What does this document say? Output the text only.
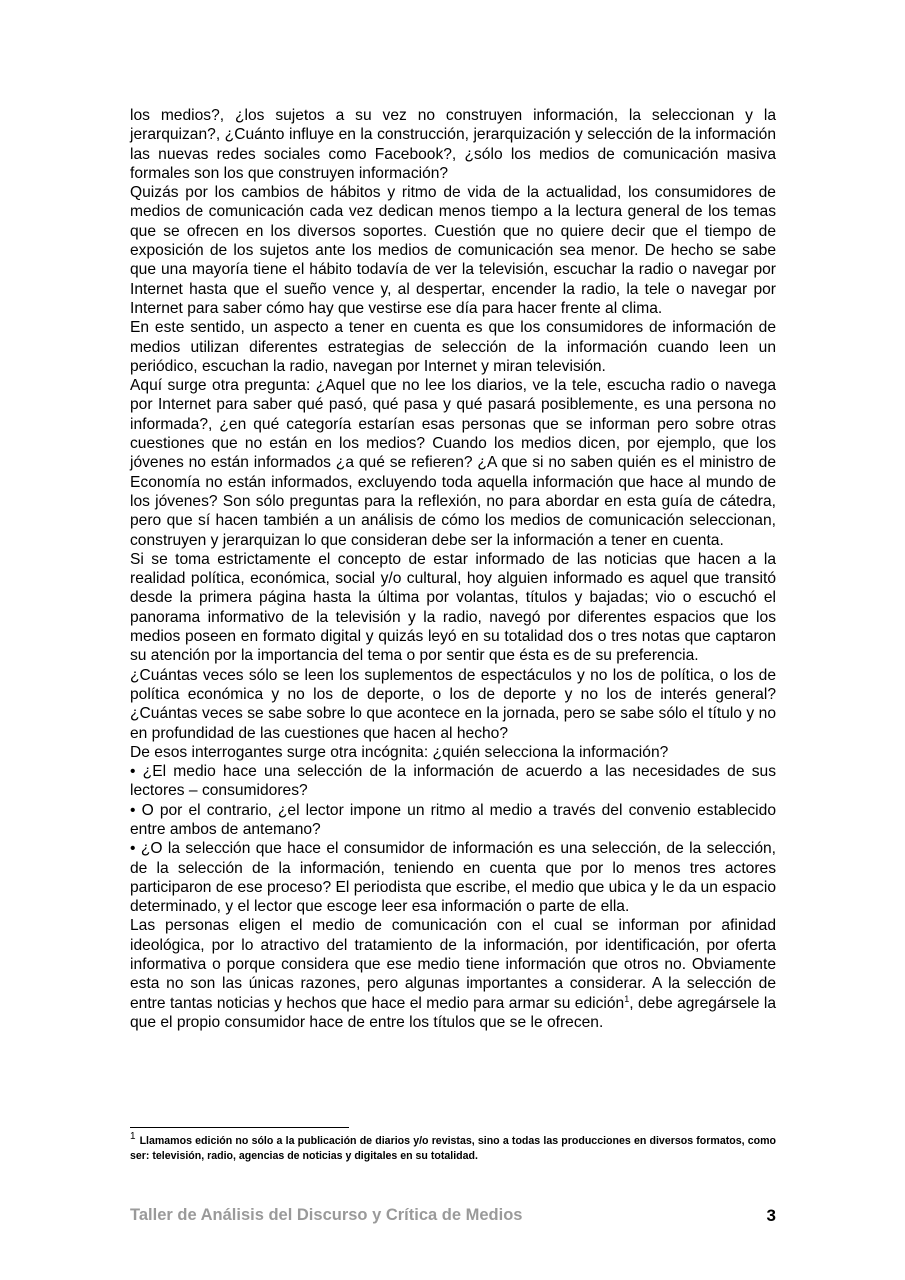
los medios?, ¿los sujetos a su vez no construyen información, la seleccionan y la jerarquizan?, ¿Cuánto influye en la construcción, jerarquización y selección de la información las nuevas redes sociales como Facebook?, ¿sólo los medios de comunicación masiva formales son los que construyen información?

Quizás por los cambios de hábitos y ritmo de vida de la actualidad, los consumidores de medios de comunicación cada vez dedican menos tiempo a la lectura general de los temas que se ofrecen en los diversos soportes. Cuestión que no quiere decir que el tiempo de exposición de los sujetos ante los medios de comunicación sea menor. De hecho se sabe que una mayoría tiene el hábito todavía de ver la televisión, escuchar la radio o navegar por Internet hasta que el sueño vence y, al despertar, encender la radio, la tele o navegar por Internet para saber cómo hay que vestirse ese día para hacer frente al clima.

En este sentido, un aspecto a tener en cuenta es que los consumidores de información de medios utilizan diferentes estrategias de selección de la información cuando leen un periódico, escuchan la radio, navegan por Internet y miran televisión.

Aquí surge otra pregunta: ¿Aquel que no lee los diarios, ve la tele, escucha radio o navega por Internet para saber qué pasó, qué pasa y qué pasará posiblemente, es una persona no informada?, ¿en qué categoría estarían esas personas que se informan pero sobre otras cuestiones que no están en los medios? Cuando los medios dicen, por ejemplo, que los jóvenes no están informados ¿a qué se refieren? ¿A que si no saben quién es el ministro de Economía no están informados, excluyendo toda aquella información que hace al mundo de los jóvenes? Son sólo preguntas para la reflexión, no para abordar en esta guía de cátedra, pero que sí hacen también a un análisis de cómo los medios de comunicación seleccionan, construyen y jerarquizan lo que consideran debe ser la información a tener en cuenta.

Si se toma estrictamente el concepto de estar informado de las noticias que hacen a la realidad política, económica, social y/o cultural, hoy alguien informado es aquel que transitó desde la primera página hasta la última por volantas, títulos y bajadas; vio o escuchó el panorama informativo de la televisión y la radio, navegó por diferentes espacios que los medios poseen en formato digital y quizás leyó en su totalidad dos o tres notas que captaron su atención por la importancia del tema o por sentir que ésta es de su preferencia.

¿Cuántas veces sólo se leen los suplementos de espectáculos y no los de política, o los de política económica y no los de deporte, o los de deporte y no los de interés general? ¿Cuántas veces se sabe sobre lo que acontece en la jornada, pero se sabe sólo el título y no en profundidad de las cuestiones que hacen al hecho?

De esos interrogantes surge otra incógnita: ¿quién selecciona la información?

• ¿El medio hace una selección de la información de acuerdo a las necesidades de sus lectores – consumidores?

• O por el contrario, ¿el lector impone un ritmo al medio a través del convenio establecido entre ambos de antemano?

• ¿O la selección que hace el consumidor de información es una selección, de la selección, de la selección de la información, teniendo en cuenta que por lo menos tres actores participaron de ese proceso? El periodista que escribe, el medio que ubica y le da un espacio determinado, y el lector que escoge leer esa información o parte de ella.

Las personas eligen el medio de comunicación con el cual se informan por afinidad ideológica, por lo atractivo del tratamiento de la información, por identificación, por oferta informativa o porque considera que ese medio tiene información que otros no. Obviamente esta no son las únicas razones, pero algunas importantes a considerar. A la selección de entre tantas noticias y hechos que hace el medio para armar su edición$^1$, debe agregársele la que el propio consumidor hace de entre los títulos que se le ofrecen.

1 Llamamos edición no sólo a la publicación de diarios y/o revistas, sino a todas las producciones en diversos formatos, como ser: televisión, radio, agencias de noticias y digitales en su totalidad.
Taller de Análisis del Discurso y Crítica de Medios	3
